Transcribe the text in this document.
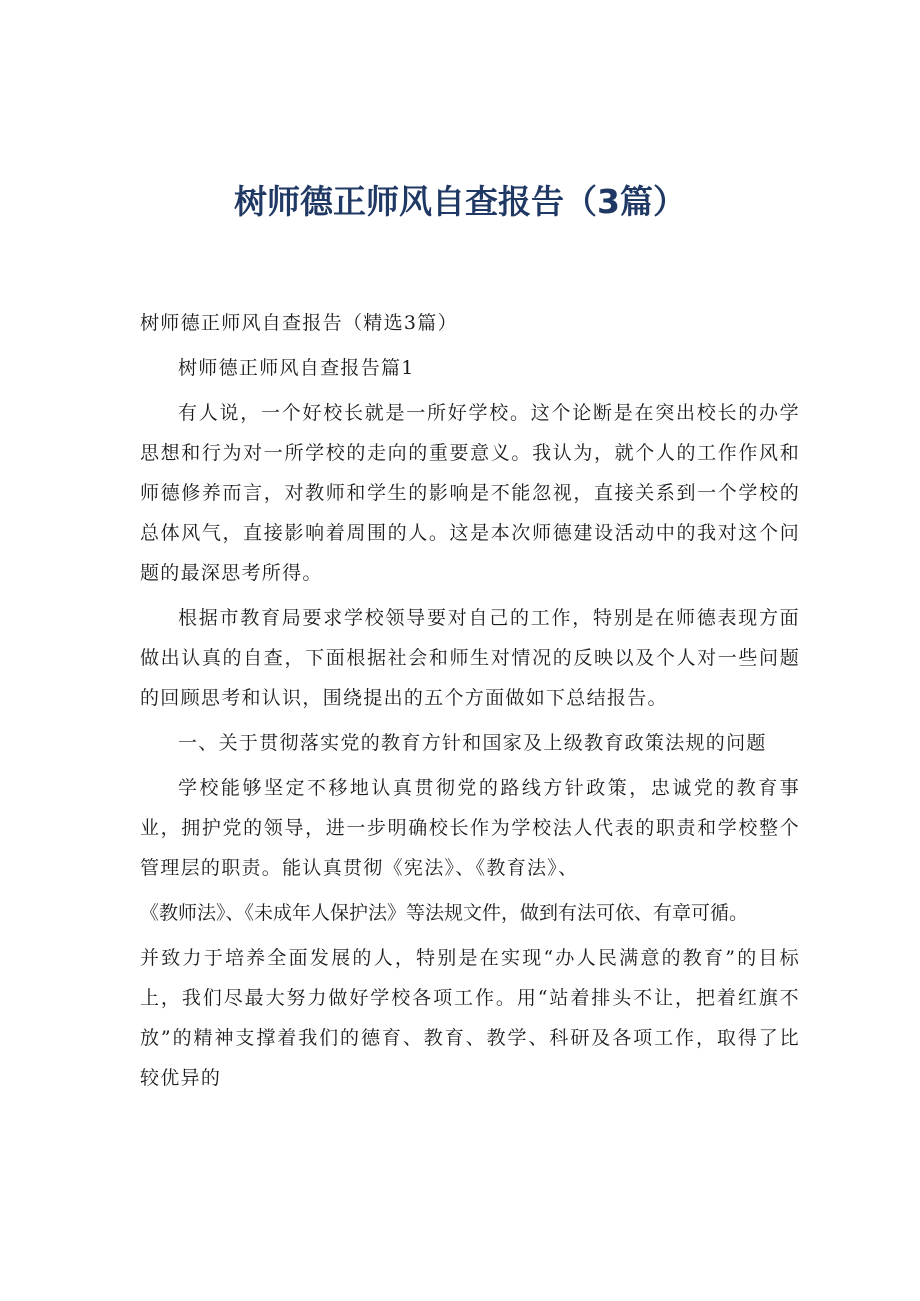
树师德正师风自查报告（3篇）

树师德正师风自查报告（精选3篇）

树师德正师风自查报告篇1

有人说，一个好校长就是一所好学校。这个论断是在突出校长的办学思想和行为对一所学校的走向的重要意义。我认为，就个人的工作作风和师德修养而言，对教师和学生的影响是不能忽视，直接关系到一个学校的总体风气，直接影响着周围的人。这是本次师德建设活动中的我对这个问题的最深思考所得。

根据市教育局要求学校领导要对自己的工作，特别是在师德表现方面做出认真的自查，下面根据社会和师生对情况的反映以及个人对一些问题的回顾思考和认识，围绕提出的五个方面做如下总结报告。

一、关于贯彻落实党的教育方针和国家及上级教育政策法规的问题

学校能够坚定不移地认真贯彻党的路线方针政策，忠诚党的教育事业，拥护党的领导，进一步明确校长作为学校法人代表的职责和学校整个管理层的职责。能认真贯彻《宪法》、《教育法》、

《教师法》、《未成年人保护法》等法规文件，做到有法可依、有章可循。

并致力于培养全面发展的人，特别是在实现“办人民满意的教育”的目标上，我们尽最大努力做好学校各项工作。用“站着排头不让，把着红旗不放”的精神支撑着我们的德育、教育、教学、科研及各项工作，取得了比较优异的
